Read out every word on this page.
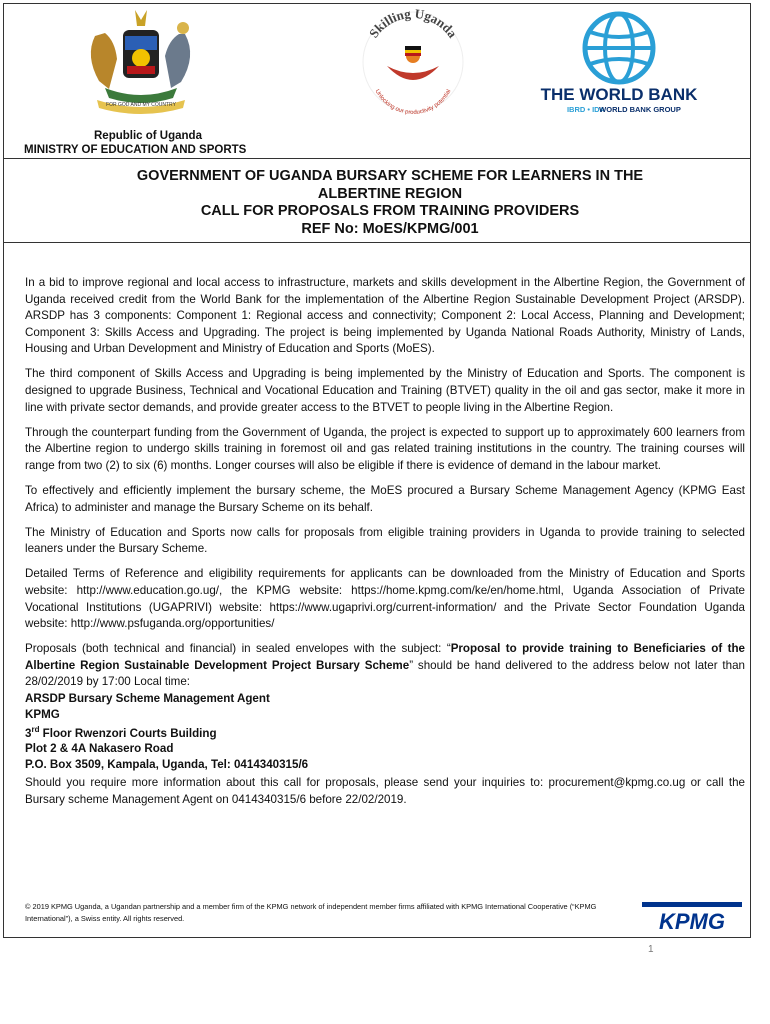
FOR GOD AND MY COUNTRY
Skilling Uganda
Unlocking our productivity potential	THE WORLD BANK
IBRD • IDA
WORLD BANK GROUP
Republic of Uganda
MINISTRY OF EDUCATION AND SPORTS
GOVERNMENT OF UGANDA BURSARY SCHEME FOR LEARNERS IN THE
ALBERTINE REGION
CALL FOR PROPOSALS FROM TRAINING PROVIDERS
REF No: MoES/KPMG/001

In a bid to improve regional and local access to infrastructure, markets and skills development in the Albertine Region, the Government of Uganda received credit from the World Bank for the implementation of the Albertine Region Sustainable Development Project (ARSDP). ARSDP has 3 components: Component 1: Regional access and connectivity; Component 2: Local Access, Planning and Development; Component 3: Skills Access and Upgrading. The project is being implemented by Uganda National Roads Authority, Ministry of Lands, Housing and Urban Development and Ministry of Education and Sports (MoES).

The third component of Skills Access and Upgrading is being implemented by the Ministry of Education and Sports. The component is designed to upgrade Business, Technical and Vocational Education and Training (BTVET) quality in the oil and gas sector, make it more in line with private sector demands, and provide greater access to the BTVET to people living in the Albertine Region.

Through the counterpart funding from the Government of Uganda, the project is expected to support up to approximately 600 learners from the Albertine region to undergo skills training in foremost oil and gas related training institutions in the country. The training courses will range from two (2) to six (6) months. Longer courses will also be eligible if there is evidence of demand in the labour market.

To effectively and efficiently implement the bursary scheme, the MoES procured a Bursary Scheme Management Agency (KPMG East Africa) to administer and manage the Bursary Scheme on its behalf.

The Ministry of Education and Sports now calls for proposals from eligible training providers in Uganda to provide training to selected leaners under the Bursary Scheme.

Detailed Terms of Reference and eligibility requirements for applicants can be downloaded from the Ministry of Education and Sports website: http://www.education.go.ug/, the KPMG website: https://home.kpmg.com/ke/en/home.html, Uganda Association of Private Vocational Institutions (UGAPRIVI) website: https://www.ugaprivi.org/current-information/ and the Private Sector Foundation Uganda website: http://www.psfuganda.org/opportunities/

Proposals (both technical and financial) in sealed envelopes with the subject: “Proposal to provide training to Beneficiaries of the Albertine Region Sustainable Development Project Bursary Scheme” should be hand delivered to the address below not later than 28/02/2019 by 17:00 Local time:

ARSDP Bursary Scheme Management Agent
KPMG
3rd Floor Rwenzori Courts Building
Plot 2 & 4A Nakasero Road
P.O. Box 3509, Kampala, Uganda, Tel: 0414340315/6

Should you require more information about this call for proposals, please send your inquiries to: procurement@kpmg.co.ug or call the Bursary scheme Management Agent on 0414340315/6 before 22/02/2019.

© 2019 KPMG Uganda, a Ugandan partnership and a member firm of the KPMG network of independent member firms affiliated with KPMG International Cooperative (“KPMG International”), a Swiss entity. All rights reserved.	KPMG
1
